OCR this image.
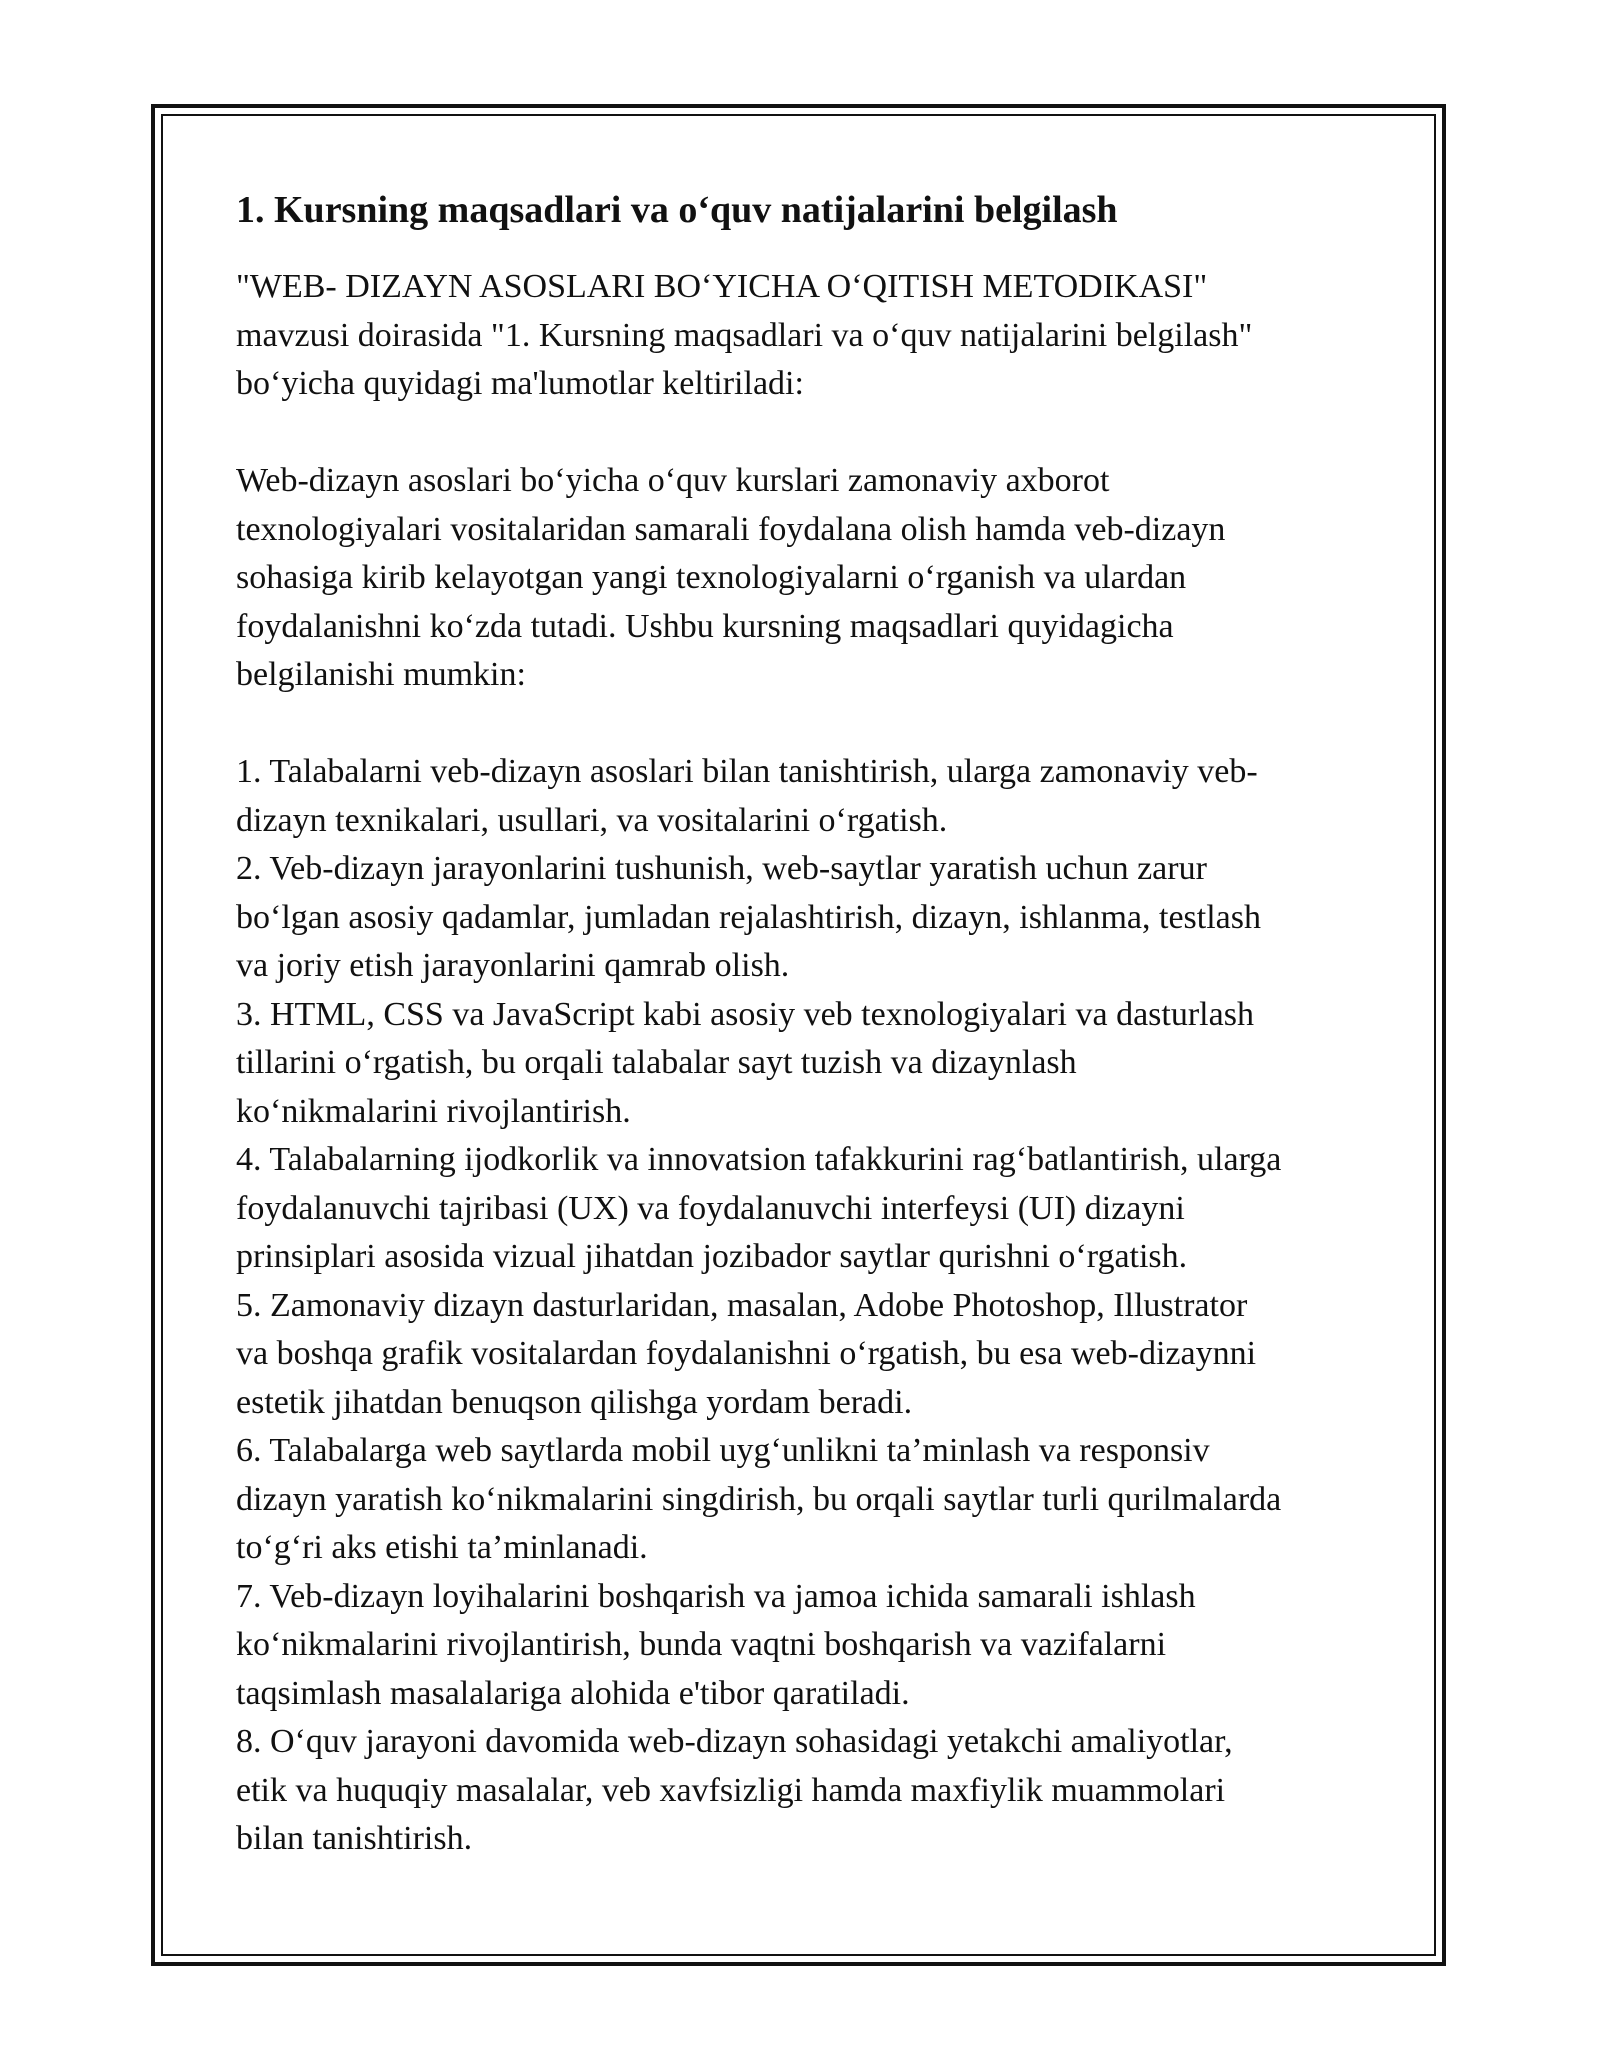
1. Kursning maqsadlari va o‘quv natijalarini belgilash
"WEB- DIZAYN ASOSLARI BO‘YICHA O‘QITISH METODIKASI"
mavzusi doirasida "1. Kursning maqsadlari va o‘quv natijalarini belgilash"
bo‘yicha quyidagi ma'lumotlar keltiriladi:
Web-dizayn asoslari bo‘yicha o‘quv kurslari zamonaviy axborot
texnologiyalari vositalaridan samarali foydalana olish hamda veb-dizayn
sohasiga kirib kelayotgan yangi texnologiyalarni o‘rganish va ulardan
foydalanishni ko‘zda tutadi. Ushbu kursning maqsadlari quyidagicha
belgilanishi mumkin:
1. Talabalarni veb-dizayn asoslari bilan tanishtirish, ularga zamonaviy veb-
dizayn texnikalari, usullari, va vositalarini o‘rgatish.
2. Veb-dizayn jarayonlarini tushunish, web-saytlar yaratish uchun zarur
bo‘lgan asosiy qadamlar, jumladan rejalashtirish, dizayn, ishlanma, testlash
va joriy etish jarayonlarini qamrab olish.
3. HTML, CSS va JavaScript kabi asosiy veb texnologiyalari va dasturlash
tillarini o‘rgatish, bu orqali talabalar sayt tuzish va dizaynlash
ko‘nikmalarini rivojlantirish.
4. Talabalarning ijodkorlik va innovatsion tafakkurini rag‘batlantirish, ularga
foydalanuvchi tajribasi (UX) va foydalanuvchi interfeysi (UI) dizayni
prinsiplari asosida vizual jihatdan jozibador saytlar qurishni o‘rgatish.
5. Zamonaviy dizayn dasturlaridan, masalan, Adobe Photoshop, Illustrator
va boshqa grafik vositalardan foydalanishni o‘rgatish, bu esa web-dizaynni
estetik jihatdan benuqson qilishga yordam beradi.
6. Talabalarga web saytlarda mobil uyg‘unlikni ta’minlash va responsiv
dizayn yaratish ko‘nikmalarini singdirish, bu orqali saytlar turli qurilmalarda
to‘g‘ri aks etishi ta’minlanadi.
7. Veb-dizayn loyihalarini boshqarish va jamoa ichida samarali ishlash
ko‘nikmalarini rivojlantirish, bunda vaqtni boshqarish va vazifalarni
taqsimlash masalalariga alohida e'tibor qaratiladi.
8. O‘quv jarayoni davomida web-dizayn sohasidagi yetakchi amaliyotlar,
etik va huquqiy masalalar, veb xavfsizligi hamda maxfiylik muammolari
bilan tanishtirish.
